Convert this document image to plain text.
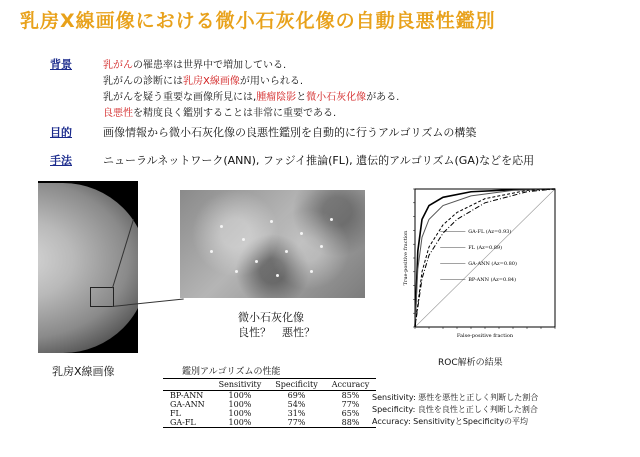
乳房X線画像における微小石灰化像の自動良悪性鑑別
背景	乳がんの罹患率は世界中で増加している.
乳がんの診断には乳房X線画像が用いられる.
乳がんを疑う重要な画像所見には,腫瘤陰影と微小石灰化像がある.
良悪性を精度良く鑑別することは非常に重要である.
目的	画像情報から微小石灰化像の良悪性鑑別を自動的に行うアルゴリズムの構築
手法	ニューラルネットワーク(ANN), ファジイ推論(FL), 遺伝的アルゴリズム(GA)などを応用
微小石灰化像
良性？　悪性？
乳房X線画像
GA-FL (Az=0.93)
FL (Az=0.89)
GA-ANN (Az=0.80)
BP-ANN (Az=0.84)
False-positive fraction
True-positive fraction
ROC解析の結果
鑑別アルゴリズムの性能
	Sensitivity	Specificity	Accuracy
BP-ANN	100%	69%	85%
GA-ANN	100%	54%	77%
FL	100%	31%	65%
GA-FL	100%	77%	88%
Sensitivity: 悪性を悪性と正しく判断した割合
Specificity: 良性を良性と正しく判断した割合
Accuracy: SensitivityとSpecificityの平均
